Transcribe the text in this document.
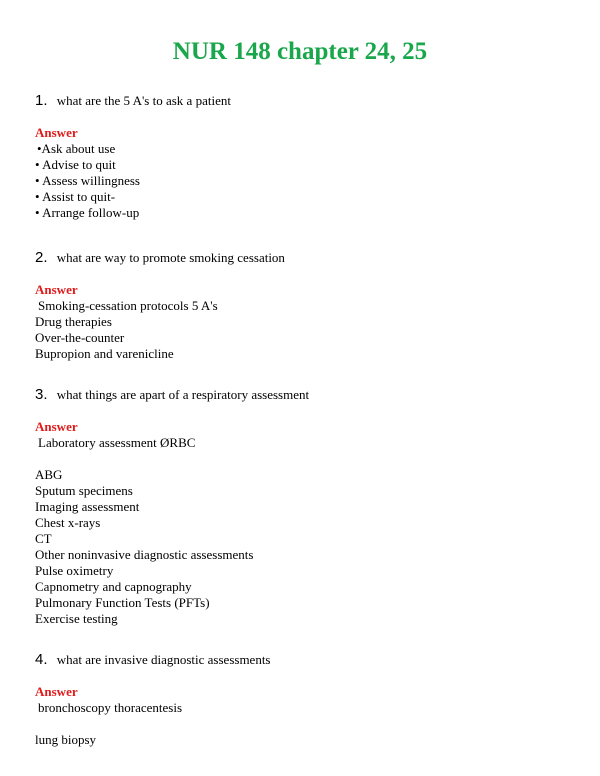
NUR 148 chapter 24, 25
1. what are the 5 A's to ask a patient
Answer
•Ask about use
• Advise to quit
• Assess willingness
• Assist to quit-
• Arrange follow-up
2. what are way to promote smoking cessation
Answer
Smoking-cessation protocols 5 A's
Drug therapies
Over-the-counter
Bupropion and varenicline
3. what things are apart of a respiratory assessment
Answer
Laboratory assessment ØRBC
ABG
Sputum specimens
Imaging assessment
Chest x-rays
CT
Other noninvasive diagnostic assessments
Pulse oximetry
Capnometry and capnography
Pulmonary Function Tests (PFTs)
Exercise testing
4. what are invasive diagnostic assessments
Answer
bronchoscopy thoracentesis
lung biopsy
